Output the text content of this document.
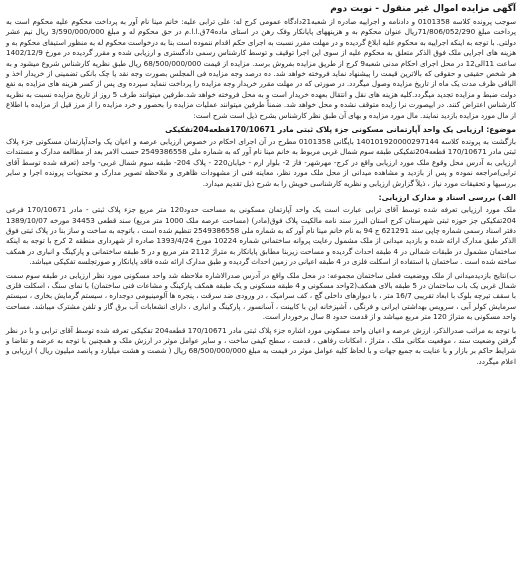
آگهی مزایده اموال غیر منقول - نوبت دوم

سوجب پرونده کلاسه 0101358 و دادنامه و اجراییه صادره از شعبه21دادگاه عمومی کرج له: علی ترابی علیه: خانم مینا نام آور به پرداخت محکوم علیه محکوم است به پرداخت مبلغ 71/806/052/290ریال عنوان محکوم به و هزینههای پایانکار وفک رهن در استای ماده74ق.ا.ا.م در حق محکوم له و مبلغ 3/590/000/000 ریال نیم عشر دولتی. با توجه به اینکه اجراییه به محکوم علیه ابلاغ گردیده و در مهلت مقرر نسبت به اجرای حکم اقدام ننموده است بنا به درخواست محکوم له به منظور استیفای محکوم به و هزینه های اجرایی ملک فوق الذکر متعلق به محکوم علیه از سوی این اجرا توقیف و توسط کارشناس رسمی دادگستری و ارزیابی شده و مقرر گردیده در مورخ 1402/12/9 ساعت 11الی12 در محل اجرای احکام مدنی شعبه9 کرج از طریق مزایده بفروش برسد. مزایده از قیمت 68/500/000/000 ریال طبق نظریه کارشناس شروع میشود و به هر شخص حقیقی و حقوقی که بالاترین قیمت را پیشنهاد نماید فروخته خواهد شد. ده درصد وجه مزایده فی المجلس بصورت وجه نقد یا چک بانکی تضمینی از خریدار اخذ و الباقی ظرف مدت یک ماه از تاریخ مزایده وصول میگردد. در صورتی که در مهلت مقرر خریدار وجه مزایده را پرداخت ننماید سپرده وی پس از کسر هزینه های مزایده به نفع دولت ضبط و مزایده تجدید میگردد.کلیه هزینه های نقل و انتقال بعهده خریدار است و به محل فروخته خواهد شد.طرفین میتوانند طرف 5 روز از تاریخ مزایده نسبت به نظریه کارشناس اعتراض کنند. در ایپصورت نرا زایده متوقف نشده و محل خواهد شد. ضمناً طرفین میتوانند عملیات مزایده را بحصور و خرد مزایده را از مرز قیل از مزایده با اطلاع از مال مورد مزایده بازدید نمایند. مال مورد مزایده و بهای آن طبق نظر کارشناس بشرح ذیل است شرح است:

موضوع: ارزیابی یک واحد آپارتمانی مسکونی جزء پلاک ثبتی مادر 170/10671قطعه204تفکیکی

بازگشت به پرونده کلاسه 140101920000297144 بایگانی 0101358 مطرح در آن اجرای احکام در خصوص ارزیابی عرصه و اعیان یک واحدآپارتمان مسکونی جزء پلاک ثبتی مادر 170/10671 قطعه204تفکیکی طبقه سوم شمال غربی مربوط به خانم مینا نام آور که به شماره ملی 2549386558 حسب الامر بعد از مطالعه مدارک و مستندات ارزیابی به آدرس محل وقوع ملک مورد ارزیابی واقع در کرج- مهرشهر- فاز 2- بلوار ارم - خیابان220 - پلاک 204- طبقه سوم شمال غربی- واحد (تعرفه شده توسط آقای ترابی)مراجعه نموده و پس از بازدید و مشاهده میدانی از محل ملک مورد نظر، معاینه فنی از مشهودات ظاهری و ملاحظه تصویر مدارک و محتویات پرونده اجرا و سایر بررسیها و تحقیقات مورد نیاز ، ذیلاً گزارش ارزیابی و نظریه کارشناسی خویش را به شرح ذیل تقدیم میدارد.

الف) بررسی اسناد و مدارک ارزیابی:

ملک مورد ارزیابی تعرفه شده توسط آقای ترابی عبارت است یک واحد آپارتمان مسکونی به مساحت حدود120 متر مربع جزء پلاک ثبتی - مادر 170/10671 فرعی 204تفکیکی جز حوزه ثبتی شهرستان کرج استان البرز سند نامه مالکیت پلاک فوق(مادر) (مساحت عرصه ملک 1000 متر مربع) سند قطعی 34453 مورخه 1389/10/07 دفتر اسناد رسمی شماره چاپی سند 621291 ج 94 به نام خانم مینا نام آور که به شماره ملی 2549386558 تنظیم شده است ، باتوجه به ساخت و ساز بنا در پلاک ثبتی فوق الذکر طبق مدارک ارائه شده و بازدید میدانی از ملک مشمول رعایت پروانه ساختمانی شماره 10224 مورخ 1393/4/24 صادره از شهرداری منطقه 2 کرج با توجه به اینکه ساختمان مشمول در طبقات شمالی در 4 طبقه احداث گردیده و مساحت زیربنا مطابق پایانکار به متراژ 2112 متر مربع و در 5 طبقه ساختمانی و پارکینگ و انباری در همکف ساخته شده است . ساختمان با استفاده از اسکلت فلزی در 4 طبقه اعیانی در زمین احداث گردیده و طبق مدارک ارائه شده فاقد پایانکار و صورتجلسه تفکیکی میباشد.

ب)نتایج بازدیدمیدانی از ملک ووضعیت فعلی ساختمان مجموعه: در محل ملک واقع در آدرس صدرالاشاره ملاحظه شد واحد مسکونی مورد نظر ارزیابی در طبقه سوم سمت شمال غربی یک باب ساختمان در 5 طبقه بالای همکف(2واحد مسکونی و 4 طبقه مسکونی و یک طبقه همکف پارکینگ و مشاعات فنی ساختمان) با نمای سنگ ، اسکلت فلزی با سقف تیرچه بلوک با ابعاد تقریبی 16/7 متر ، با دیوارهای داخلی گچ ، کف سرامیک ، در ورودی ضد سرقت ، پنجره ها آلومینیومی دوجداره ، سیستم گرمایش بخاری ، سیستم سرمایش کولر آبی ، سرویس بهداشتی ایرانی و فرنگی ، آشپزخانه اپن با کابینت ، آسانسور ، پارکینگ و انباری ، دارای انشعابات آب برق گاز و تلفن مشترک میباشد. مساحت واحد مسکونی به متراژ 120 متر مربع میباشد و از قدمت حدود 8 سال برخوردار است.

با توجه به مراتب صدرالذکر، ارزش عرصه و اعیان واحد مسکونی مورد اشاره جزء پلاک ثبتی مادر 170/10671 قطعه204 تفکیکی تعرفه شده توسط آقای ترابی و با در نظر گرفتن وضعیت سند ، موقعیت مکانی ملک ، متراژ ، امکانات رفاهی ، قدمت ، سطح کیفی ساخت ، و سایر عوامل موثر در ارزش ملک و همچنین با توجه به عرضه و تقاضا و شرایط حاکم بر بازار و با عنایت به جمیع جهات و با لحاظ کلیه عوامل موثر در قیمت به مبلغ 68/500/000/000 ریال ( شصت و هشت میلیارد و پانصد میلیون ریال ) ارزیابی و اعلام میگردد.
